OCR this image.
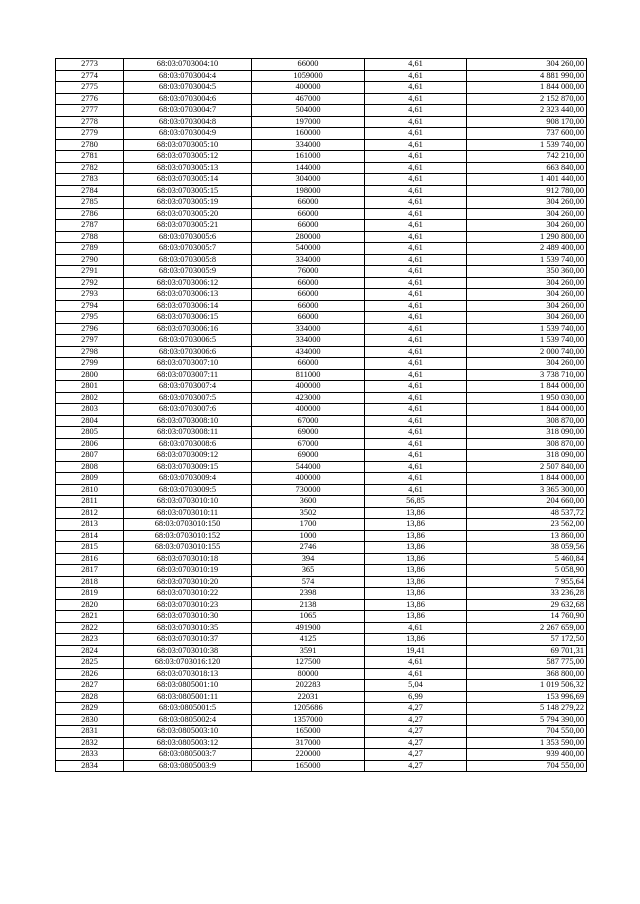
2773	68:03:0703004:10	66000	4,61	304 260,00
2774	68:03:0703004:4	1059000	4,61	4 881 990,00
2775	68:03:0703004:5	400000	4,61	1 844 000,00
2776	68:03:0703004:6	467000	4,61	2 152 870,00
2777	68:03:0703004:7	504000	4,61	2 323 440,00
2778	68:03:0703004:8	197000	4,61	908 170,00
2779	68:03:0703004:9	160000	4,61	737 600,00
2780	68:03:0703005:10	334000	4,61	1 539 740,00
2781	68:03:0703005:12	161000	4,61	742 210,00
2782	68:03:0703005:13	144000	4,61	663 840,00
2783	68:03:0703005:14	304000	4,61	1 401 440,00
2784	68:03:0703005:15	198000	4,61	912 780,00
2785	68:03:0703005:19	66000	4,61	304 260,00
2786	68:03:0703005:20	66000	4,61	304 260,00
2787	68:03:0703005:21	66000	4,61	304 260,00
2788	68:03:0703005:6	280000	4,61	1 290 800,00
2789	68:03:0703005:7	540000	4,61	2 489 400,00
2790	68:03:0703005:8	334000	4,61	1 539 740,00
2791	68:03:0703005:9	76000	4,61	350 360,00
2792	68:03:0703006:12	66000	4,61	304 260,00
2793	68:03:0703006:13	66000	4,61	304 260,00
2794	68:03:0703006:14	66000	4,61	304 260,00
2795	68:03:0703006:15	66000	4,61	304 260,00
2796	68:03:0703006:16	334000	4,61	1 539 740,00
2797	68:03:0703006:5	334000	4,61	1 539 740,00
2798	68:03:0703006:6	434000	4,61	2 000 740,00
2799	68:03:0703007:10	66000	4,61	304 260,00
2800	68:03:0703007:11	811000	4,61	3 738 710,00
2801	68:03:0703007:4	400000	4,61	1 844 000,00
2802	68:03:0703007:5	423000	4,61	1 950 030,00
2803	68:03:0703007:6	400000	4,61	1 844 000,00
2804	68:03:0703008:10	67000	4,61	308 870,00
2805	68:03:0703008:11	69000	4,61	318 090,00
2806	68:03:0703008:6	67000	4,61	308 870,00
2807	68:03:0703009:12	69000	4,61	318 090,00
2808	68:03:0703009:15	544000	4,61	2 507 840,00
2809	68:03:0703009:4	400000	4,61	1 844 000,00
2810	68:03:0703009:5	730000	4,61	3 365 300,00
2811	68:03:0703010:10	3600	56,85	204 660,00
2812	68:03:0703010:11	3502	13,86	48 537,72
2813	68:03:0703010:150	1700	13,86	23 562,00
2814	68:03:0703010:152	1000	13,86	13 860,00
2815	68:03:0703010:155	2746	13,86	38 059,56
2816	68:03:0703010:18	394	13,86	5 460,84
2817	68:03:0703010:19	365	13,86	5 058,90
2818	68:03:0703010:20	574	13,86	7 955,64
2819	68:03:0703010:22	2398	13,86	33 236,28
2820	68:03:0703010:23	2138	13,86	29 632,68
2821	68:03:0703010:30	1065	13,86	14 760,90
2822	68:03:0703010:35	491900	4,61	2 267 659,00
2823	68:03:0703010:37	4125	13,86	57 172,50
2824	68:03:0703010:38	3591	19,41	69 701,31
2825	68:03:0703016:120	127500	4,61	587 775,00
2826	68:03:0703018:13	80000	4,61	368 800,00
2827	68:03:0805001:10	202283	5,04	1 019 506,32
2828	68:03:0805001:11	22031	6,99	153 996,69
2829	68:03:0805001:5	1205686	4,27	5 148 279,22
2830	68:03:0805002:4	1357000	4,27	5 794 390,00
2831	68:03:0805003:10	165000	4,27	704 550,00
2832	68:03:0805003:12	317000	4,27	1 353 590,00
2833	68:03:0805003:7	220000	4,27	939 400,00
2834	68:03:0805003:9	165000	4,27	704 550,00
